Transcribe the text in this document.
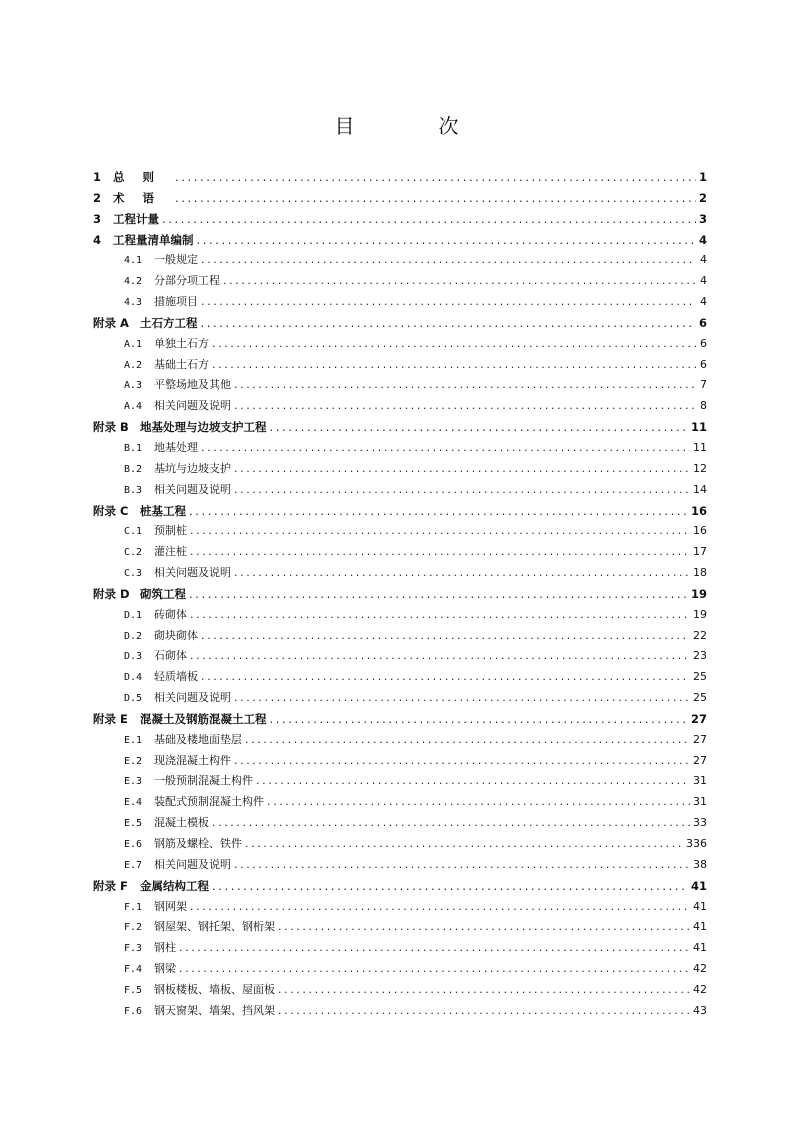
目　次
1	总则 .....	1
2	术语 .....	2
3	工程计量 .....	3
4	工程量清单编制 .....	4
4.1	一般规定 .....	4
4.2	分部分项工程 .....	4
4.3	措施项目 .....	4
附录 A 土石方工程 .....	6
A.1	单独土石方 .....	6
A.2	基础土石方 .....	6
A.3	平整场地及其他 .....	7
A.4	相关问题及说明 .....	8
附录 B 地基处理与边坡支护工程 .....	11
B.1	地基处理 .....	11
B.2	基坑与边坡支护 .....	12
B.3	相关问题及说明 .....	14
附录 C	桩基工程 .....	16
C.1	预制桩 .....	16
C.2	灌注桩 .....	17
C.3	相关问题及说明 .....	18
附录 D 砌筑工程 .....	19
D.1	砖砌体 .....	19
D.2	砌块砌体 .....	22
D.3	石砌体 .....	23
D.4	轻质墙板 .....	25
D.5	相关问题及说明 .....	25
附录 E	混凝土及钢筋混凝土工程 .....	27
E.1	基础及楼地面垫层 .....	27
E.2	现浇混凝土构件 .....	27
E.3	一般预制混凝土构件 .....	31
E.4	装配式预制混凝土构件 .....	31
E.5	混凝土模板 .....	33
E.6	钢筋及螺栓、铁件 .....	336
E.7	相关问题及说明 .....	38
附录 F	金属结构工程 .....	41
F.1	钢网架 .....	41
F.2	钢屋架、钢托架、钢桁架 .....	41
F.3	钢柱 .....	41
F.4	钢梁 .....	42
F.5	钢板楼板、墙板、屋面板 .....	42
F.6	钢天窗架、墙架、挡风架 .....	43
